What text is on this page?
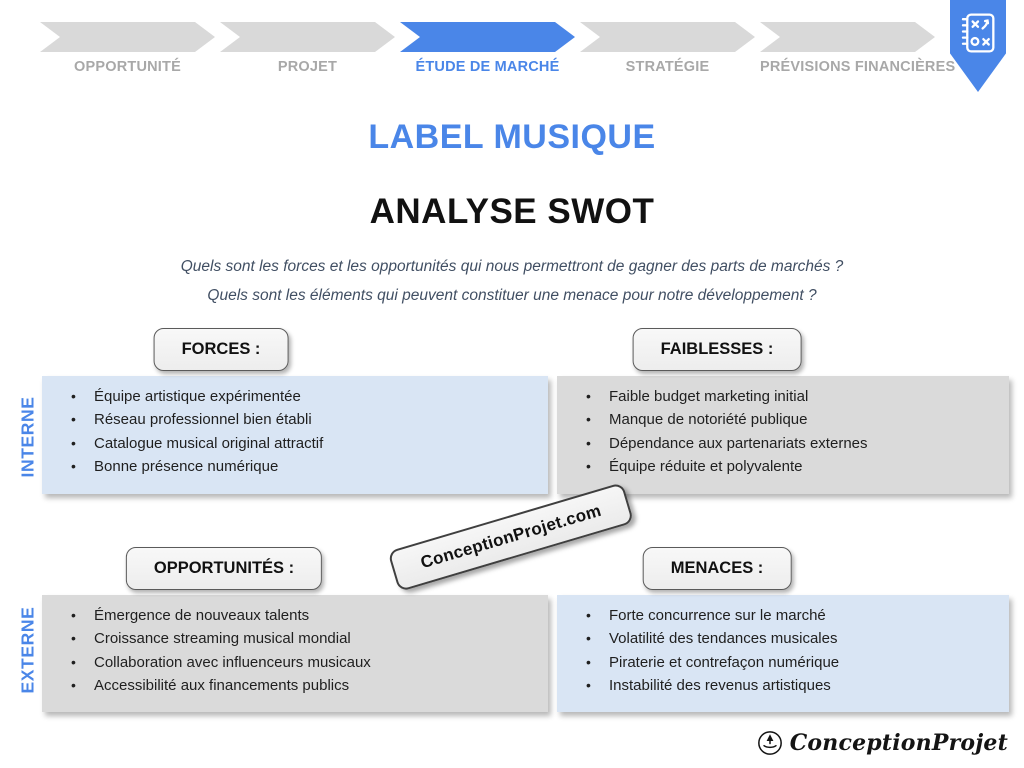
OPPORTUNITÉ	PROJET	ÉTUDE DE MARCHÉ	STRATÉGIE	PRÉVISIONS FINANCIÈRES
LABEL MUSIQUE
ANALYSE SWOT

Quels sont les forces et les opportunités qui nous permettront de gagner des parts de marchés ?

Quels sont les éléments qui peuvent constituer une menace pour notre développement ?

INTERNE
EXTERNE
FORCES :	FAIBLESSES :
OPPORTUNITÉS :	MENACES :
• Équipe artistique expérimentée
• Réseau professionnel bien établi
• Catalogue musical original attractif
• Bonne présence numérique
• Faible budget marketing initial
• Manque de notoriété publique
• Dépendance aux partenariats externes
• Équipe réduite et polyvalente
• Émergence de nouveaux talents
• Croissance streaming musical mondial
• Collaboration avec influenceurs musicaux
• Accessibilité aux financements publics
• Forte concurrence sur le marché
• Volatilité des tendances musicales
• Piraterie et contrefaçon numérique
• Instabilité des revenus artistiques
ConceptionProjet.com
ConceptionProjet
